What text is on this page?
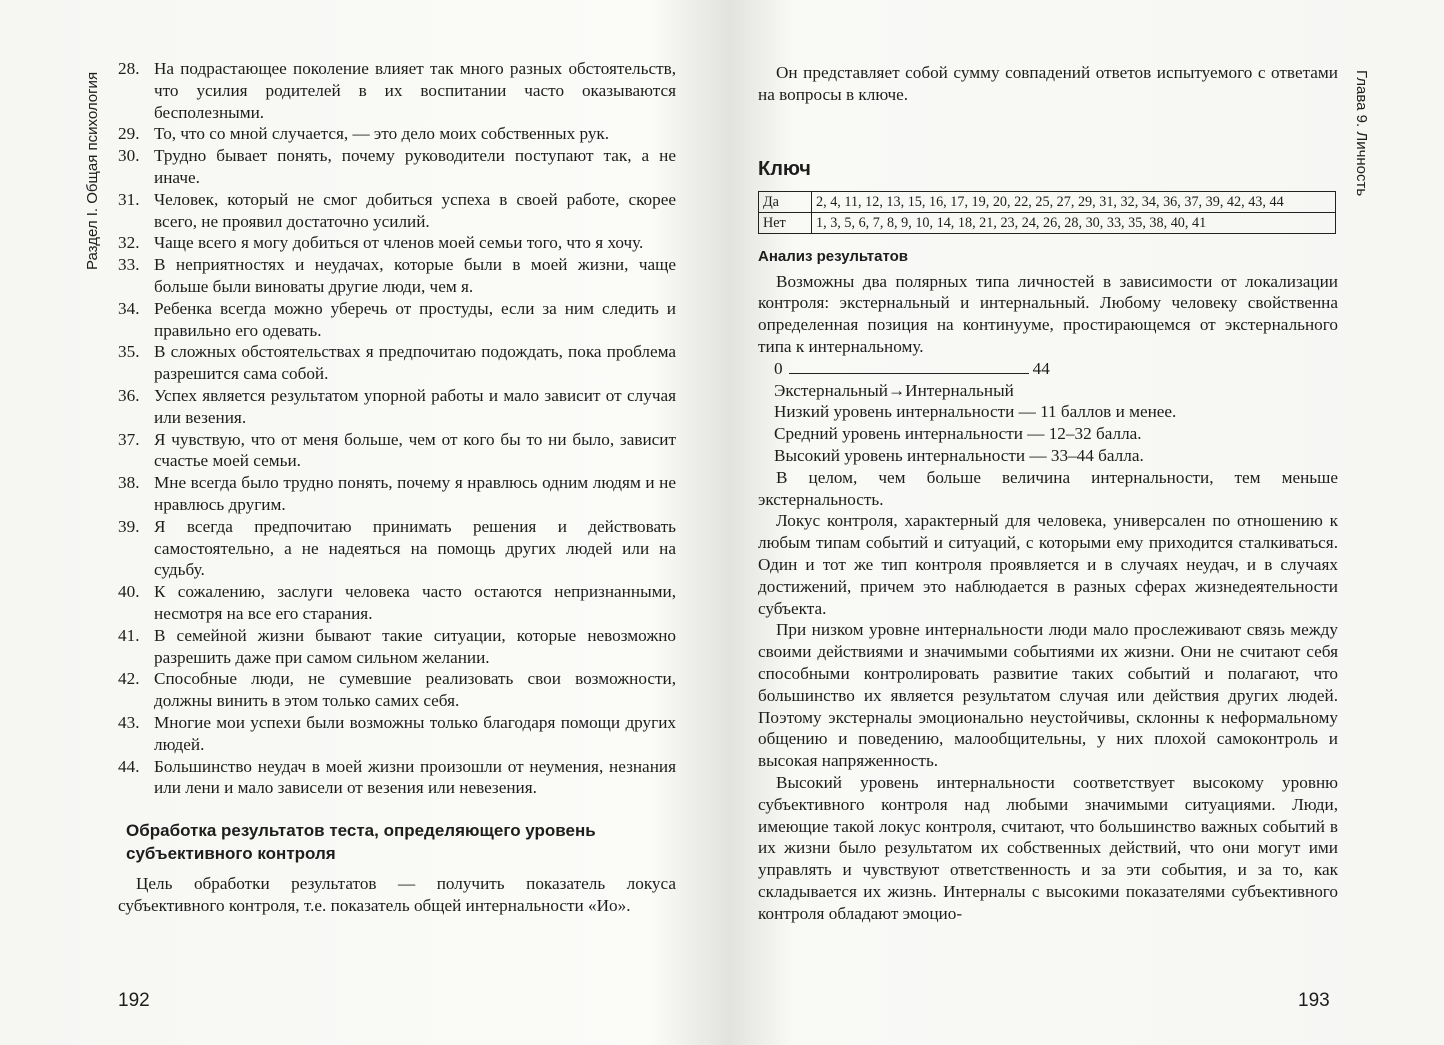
Раздел I. Общая психология

28. На подрастающее поколение влияет так много разных обстоятельств, что усилия родителей в их воспитании часто оказываются бесполезными.

29. То, что со мной случается, — это дело моих собственных рук.

30. Трудно бывает понять, почему руководители поступают так, а не иначе.

31. Человек, который не смог добиться успеха в своей работе, скорее всего, не проявил достаточно усилий.

32. Чаще всего я могу добиться от членов моей семьи того, что я хочу.

33. В неприятностях и неудачах, которые были в моей жизни, чаще больше были виноваты другие люди, чем я.

34. Ребенка всегда можно уберечь от простуды, если за ним следить и правильно его одевать.

35. В сложных обстоятельствах я предпочитаю подождать, пока проблема разрешится сама собой.

36. Успех является результатом упорной работы и мало зависит от случая или везения.

37. Я чувствую, что от меня больше, чем от кого бы то ни было, зависит счастье моей семьи.

38. Мне всегда было трудно понять, почему я нравлюсь одним людям и не нравлюсь другим.

39. Я всегда предпочитаю принимать решения и действовать самостоятельно, а не надеяться на помощь других людей или на судьбу.

40. К сожалению, заслуги человека часто остаются непризнанными, несмотря на все его старания.

41. В семейной жизни бывают такие ситуации, которые невозможно разрешить даже при самом сильном желании.

42. Способные люди, не сумевшие реализовать свои возможности, должны винить в этом только самих себя.

43. Многие мои успехи были возможны только благодаря помощи других людей.

44. Большинство неудач в моей жизни произошли от неумения, незнания или лени и мало зависели от везения или невезения.

Обработка результатов теста, определяющего уровень субъективного контроля

Цель обработки результатов — получить показатель локуса субъективного контроля, т.е. показатель общей интернальности «Ио».

192

Он представляет собой сумму совпадений ответов испытуемого с ответами на вопросы в ключе.

Ключ
Да	2, 4, 11, 12, 13, 15, 16, 17, 19, 20, 22, 25, 27, 29, 31, 32, 34, 36, 37, 39, 42, 43, 44
Нет	1, 3, 5, 6, 7, 8, 9, 10, 14, 18, 21, 23, 24, 26, 28, 30, 33, 35, 38, 40, 41
Анализ результатов

Возможны два полярных типа личностей в зависимости от локализации контроля: экстернальный и интернальный. Любому человеку свойственна определенная позиция на континууме, простирающемся от экстернального типа к интернальному.

0	44
Экстернальный→Интернальный
Низкий уровень интернальности — 11 баллов и менее.
Средний уровень интернальности — 12–32 балла.
Высокий уровень интернальности — 33–44 балла.

В целом, чем больше величина интернальности, тем меньше экстернальность.

Локус контроля, характерный для человека, универсален по отношению к любым типам событий и ситуаций, с которыми ему приходится сталкиваться. Один и тот же тип контроля проявляется и в случаях неудач, и в случаях достижений, причем это наблюдается в разных сферах жизнедеятельности субъекта.

При низком уровне интернальности люди мало прослеживают связь между своими действиями и значимыми событиями их жизни. Они не считают себя способными контролировать развитие таких событий и полагают, что большинство их является результатом случая или действия других людей. Поэтому экстерналы эмоционально неустойчивы, склонны к неформальному общению и поведению, малообщительны, у них плохой самоконтроль и высокая напряженность.

Высокий уровень интернальности соответствует высокому уровню субъективного контроля над любыми значимыми ситуациями. Люди, имеющие такой локус контроля, считают, что большинство важных событий в их жизни было результатом их собственных действий, что они могут ими управлять и чувствуют ответственность и за эти события, и за то, как складывается их жизнь. Интерналы с высокими показателями субъективного контроля обладают эмоцио-

193
Глава 9. Личность
